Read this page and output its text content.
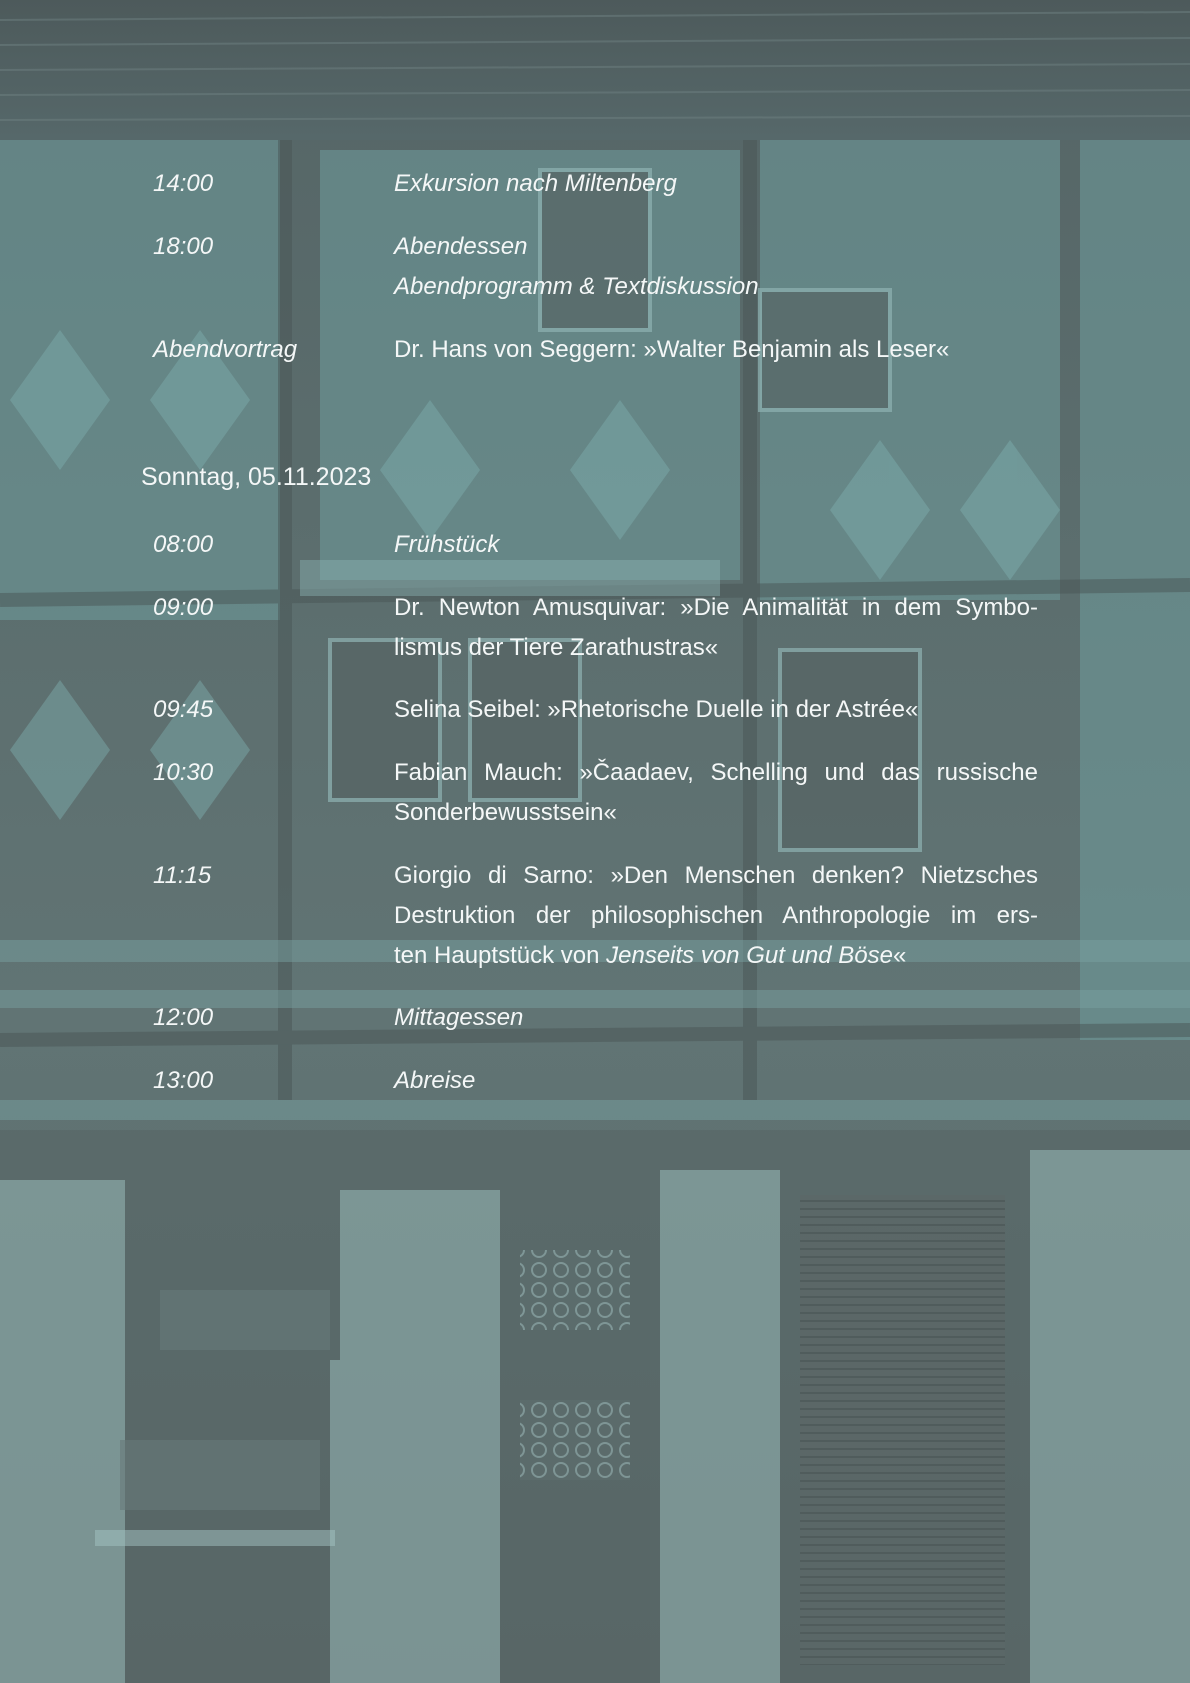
14:00	Exkursion nach Miltenberg
18:00	Abendessen
Abendprogramm & Textdiskussion
Abendvortrag	Dr. Hans von Seggern: »Walter Benjamin als Leser«
Sonntag, 05.11.2023
08:00	Frühstück
09:00	Dr. Newton Amusquivar: »Die Animalität in dem Symbo-
lismus der Tiere Zarathustras«
09:45	Selina Seibel: »Rhetorische Duelle in der Astrée«
10:30	Fabian Mauch: »Čaadaev, Schelling und das russische
Sonderbewusstsein«
11:15	Giorgio di Sarno: »Den Menschen denken? Nietzsches
Destruktion der philosophischen Anthropologie im ers-
ten Hauptstück von Jenseits von Gut und Böse«
12:00	Mittagessen
13:00	Abreise
